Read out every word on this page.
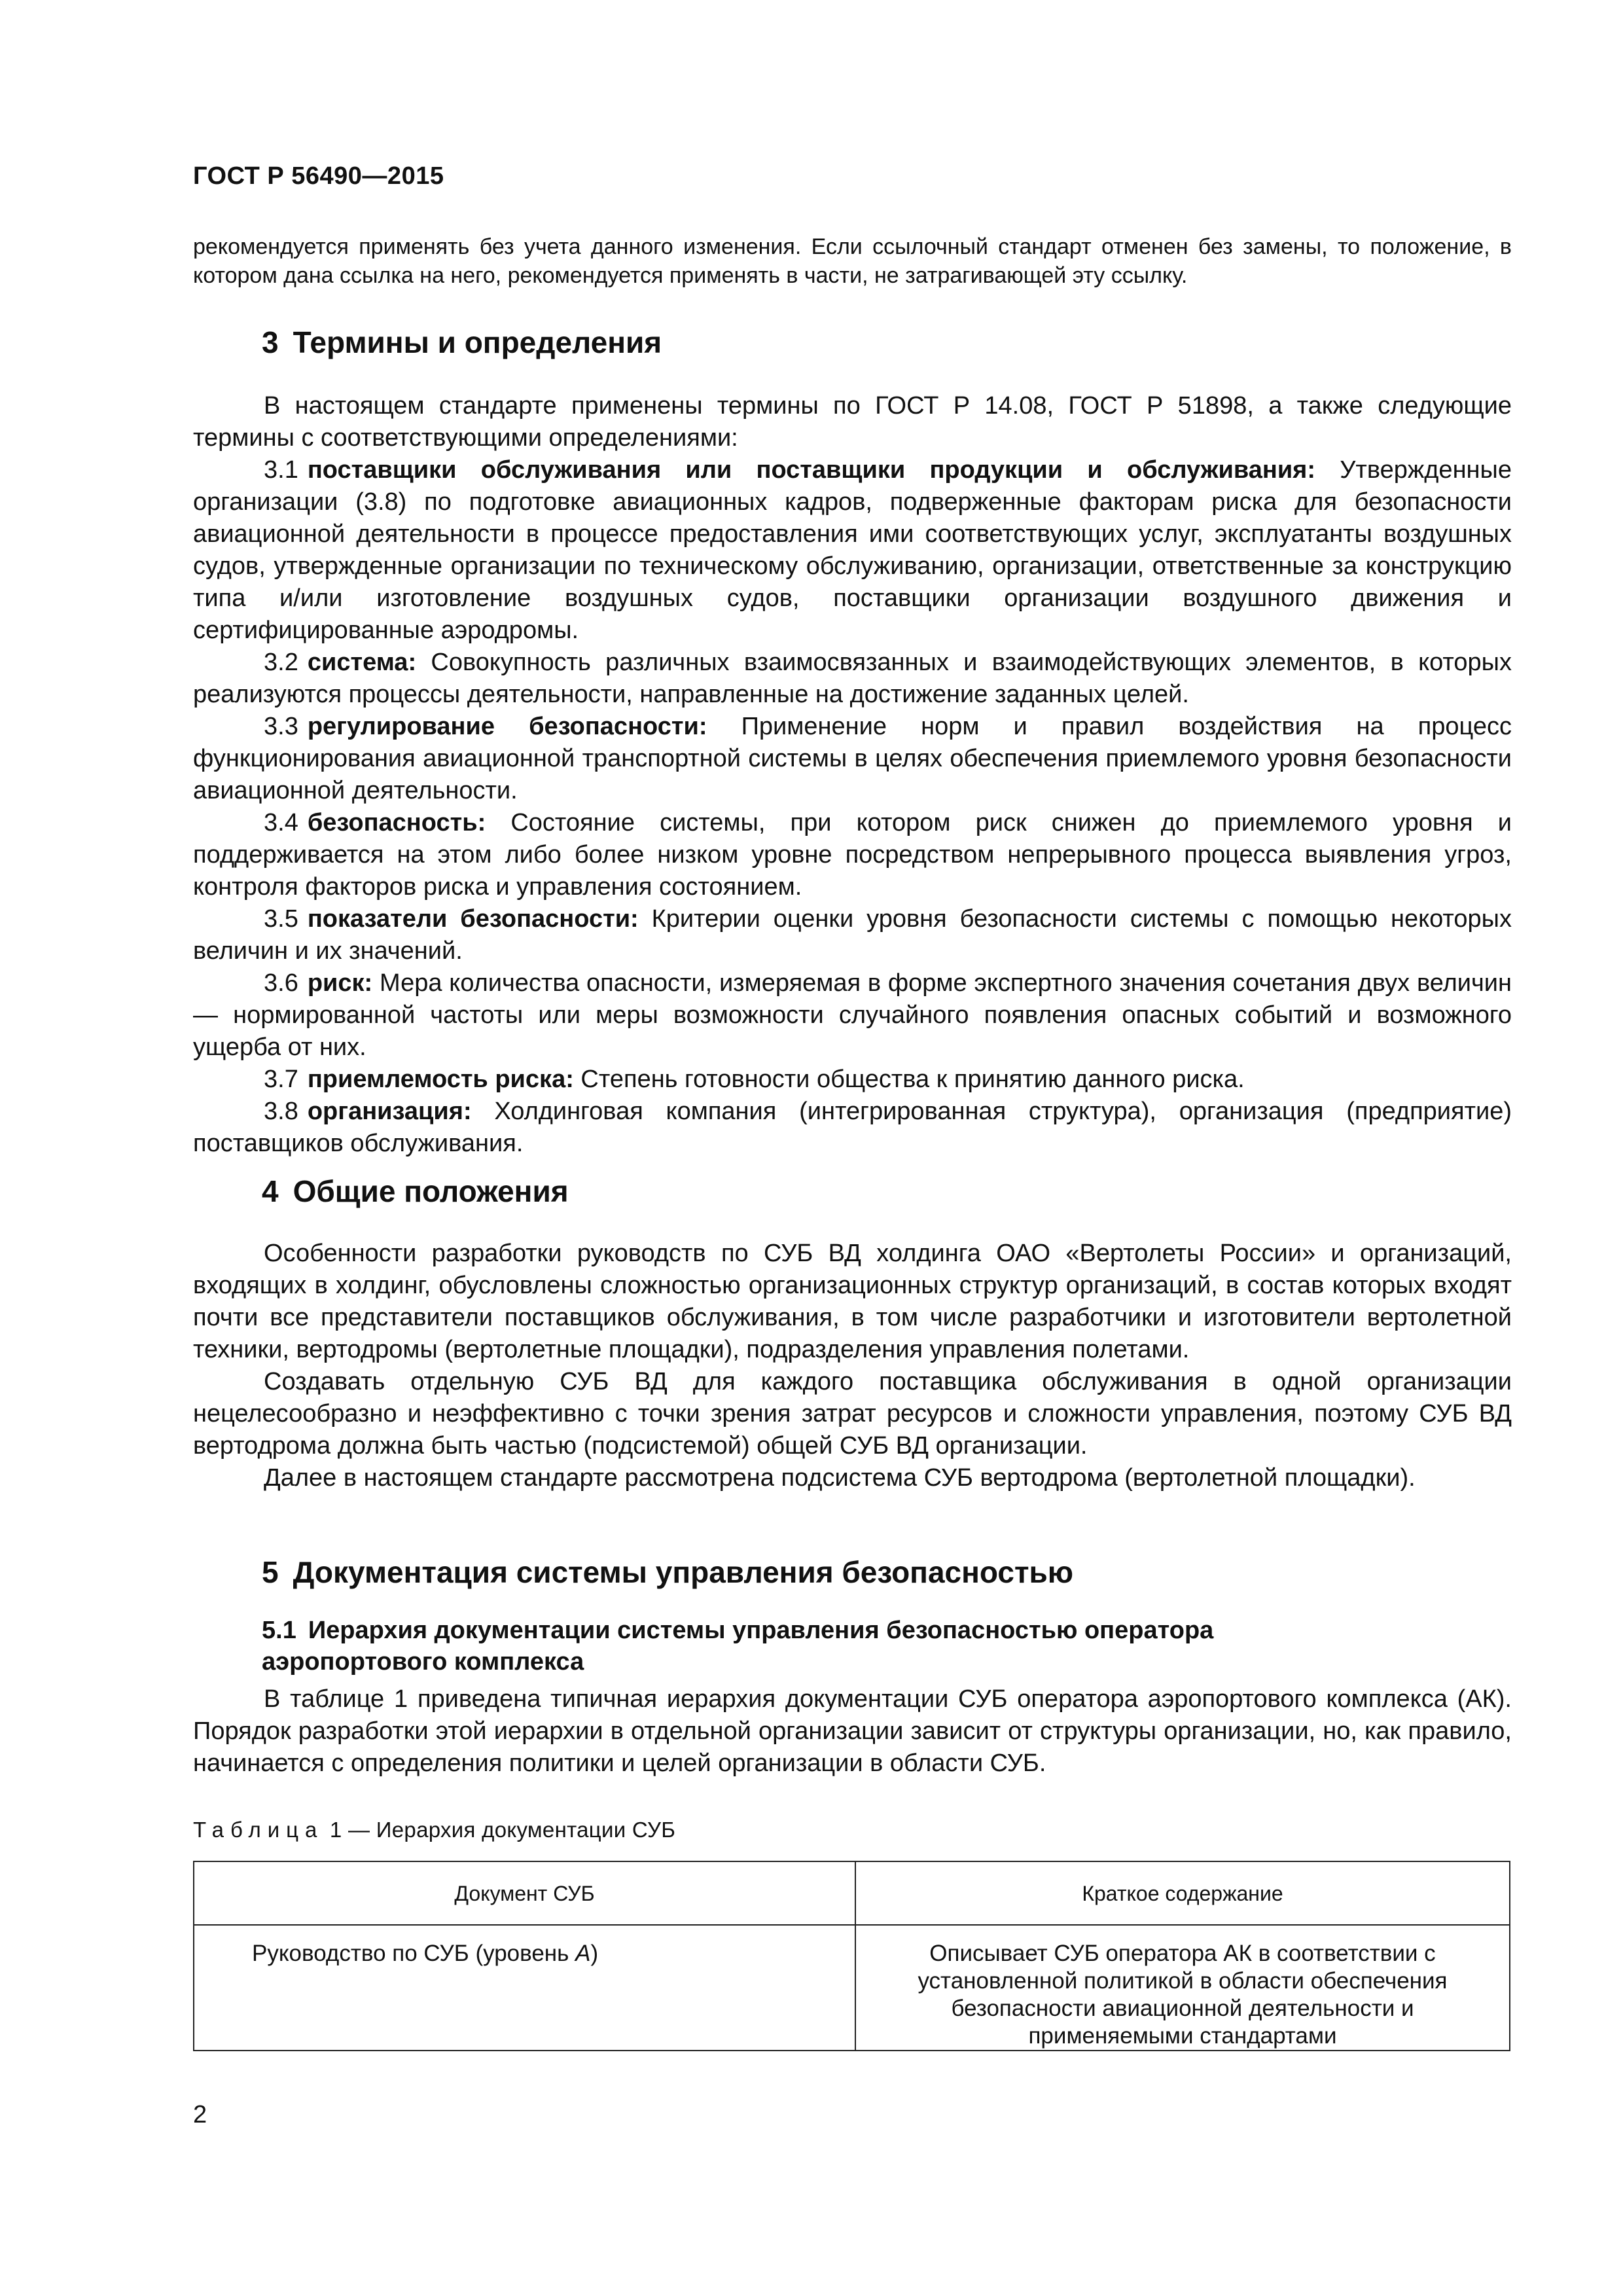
ГОСТ Р 56490—2015

рекомендуется применять без учета данного изменения. Если ссылочный стандарт отменен без замены, то положение, в котором дана ссылка на него, рекомендуется применять в части, не затрагивающей эту ссылку.

3 Термины и определения

В настоящем стандарте применены термины по ГОСТ Р 14.08, ГОСТ Р 51898, а также следующие термины с соответствующими определениями:

3.1 поставщики обслуживания или поставщики продукции и обслуживания: Утвержденные организации (3.8) по подготовке авиационных кадров, подверженные факторам риска для безопасности авиационной деятельности в процессе предоставления ими соответствующих услуг, эксплуатанты воздушных судов, утвержденные организации по техническому обслуживанию, организации, ответственные за конструкцию типа и/или изготовление воздушных судов, поставщики организации воздушного движения и сертифицированные аэродромы.

3.2 система: Совокупность различных взаимосвязанных и взаимодействующих элементов, в которых реализуются процессы деятельности, направленные на достижение заданных целей.

3.3 регулирование безопасности: Применение норм и правил воздействия на процесс функционирования авиационной транспортной системы в целях обеспечения приемлемого уровня безопасности авиационной деятельности.

3.4 безопасность: Состояние системы, при котором риск снижен до приемлемого уровня и поддерживается на этом либо более низком уровне посредством непрерывного процесса выявления угроз, контроля факторов риска и управления состоянием.

3.5 показатели безопасности: Критерии оценки уровня безопасности системы с помощью некоторых величин и их значений.

3.6 риск: Мера количества опасности, измеряемая в форме экспертного значения сочетания двух величин — нормированной частоты или меры возможности случайного появления опасных событий и возможного ущерба от них.

3.7 приемлемость риска: Степень готовности общества к принятию данного риска.

3.8 организация: Холдинговая компания (интегрированная структура), организация (предприятие) поставщиков обслуживания.

4 Общие положения

Особенности разработки руководств по СУБ ВД холдинга ОАО «Вертолеты России» и организаций, входящих в холдинг, обусловлены сложностью организационных структур организаций, в состав которых входят почти все представители поставщиков обслуживания, в том числе разработчики и изготовители вертолетной техники, вертодромы (вертолетные площадки), подразделения управления полетами.

Создавать отдельную СУБ ВД для каждого поставщика обслуживания в одной организации нецелесообразно и неэффективно с точки зрения затрат ресурсов и сложности управления, поэтому СУБ ВД вертодрома должна быть частью (подсистемой) общей СУБ ВД организации.

Далее в настоящем стандарте рассмотрена подсистема СУБ вертодрома (вертолетной площадки).

5 Документация системы управления безопасностью
5.1 Иерархия документации системы управления безопасностью оператора
аэропортового комплекса

В таблице 1 приведена типичная иерархия документации СУБ оператора аэропортового комплекса (АК). Порядок разработки этой иерархии в отдельной организации зависит от структуры организации, но, как правило, начинается с определения политики и целей организации в области СУБ.

Таблица 1 — Иерархия документации СУБ
Документ СУБ	Краткое содержание

Руководство по СУБ (уровень А)	Описывает СУБ оператора АК в соответствии с установленной политикой в области обеспечения безопасности авиационной деятельности и применяемыми стандартами
2
